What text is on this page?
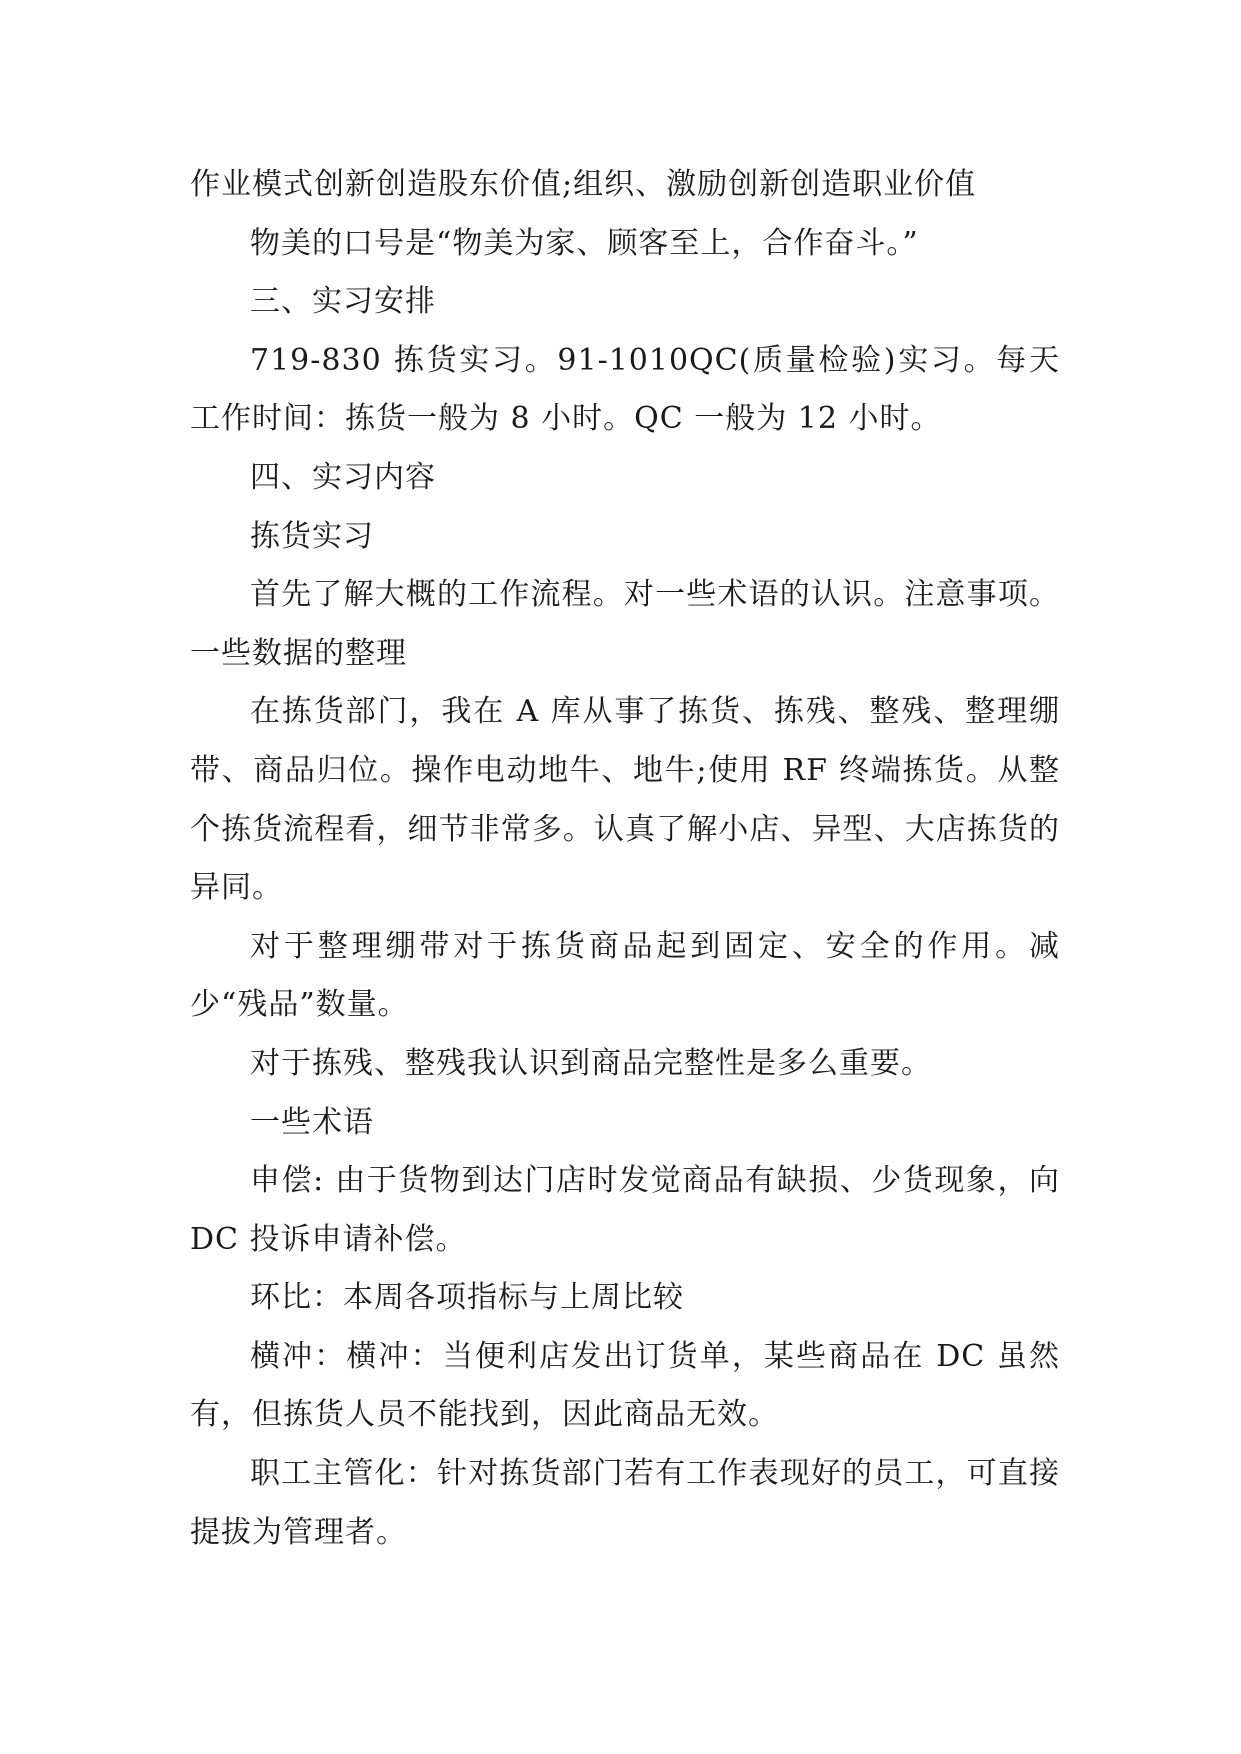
作业模式创新创造股东价值;组织、激励创新创造职业价值

物美的口号是“物美为家、顾客至上，合作奋斗。”

三、实习安排

719-830 拣货实习。91-1010QC(质量检验)实习。每天工作时间：拣货一般为 8 小时。QC 一般为 12 小时。

四、实习内容

拣货实习

首先了解大概的工作流程。对一些术语的认识。注意事项。一些数据的整理

在拣货部门，我在 A 库从事了拣货、拣残、整残、整理绷带、商品归位。操作电动地牛、地牛;使用 RF 终端拣货。从整个拣货流程看，细节非常多。认真了解小店、异型、大店拣货的异同。

对于整理绷带对于拣货商品起到固定、安全的作用。减少“残品”数量。

对于拣残、整残我认识到商品完整性是多么重要。

一些术语

申偿: 由于货物到达门店时发觉商品有缺损、少货现象，向 DC 投诉申请补偿。

环比：本周各项指标与上周比较

横冲：横冲：当便利店发出订货单，某些商品在 DC 虽然有，但拣货人员不能找到，因此商品无效。

职工主管化：针对拣货部门若有工作表现好的员工，可直接提拔为管理者。
